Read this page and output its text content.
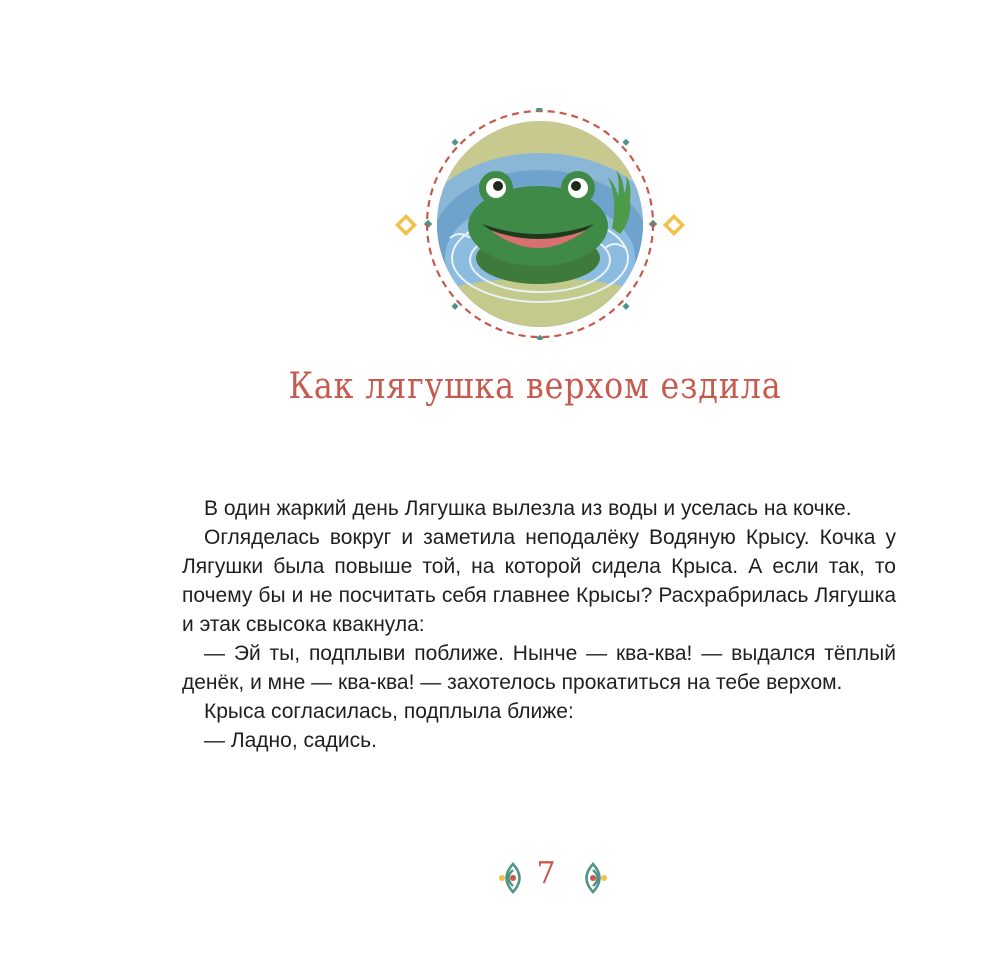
Как лягушка верхом ездила

В один жаркий день Лягушка вылезла из воды и уселась на кочке.

Огляделась вокруг и заметила неподалёку Водяную Крысу. Кочка у Лягушки была повыше той, на которой сидела Крыса. А если так, то почему бы и не посчитать себя главнее Крысы? Расхрабрилась Лягушка и этак свысока квакнула:

— Эй ты, подплыви поближе. Нынче — ква-ква! — выдался тёплый денёк, и мне — ква-ква! — захотелось прокатиться на тебе верхом.

Крыса согласилась, подплыла ближе:

— Ладно, садись.

7
